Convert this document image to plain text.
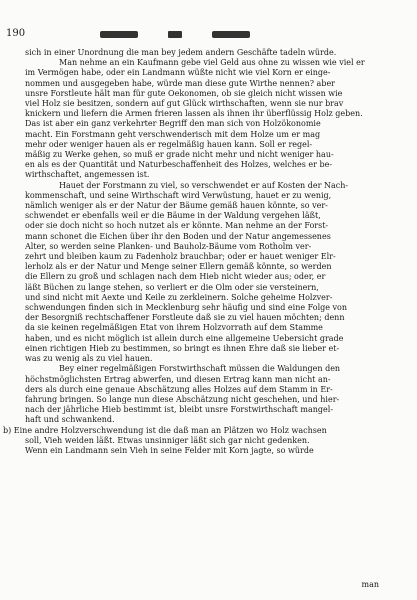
190
sich in einer Unordnung die man bey jedem andern Geschäfte tadeln würde.
Man nehme an ein Kaufmann gebe viel Geld aus ohne zu wissen wie viel er
im Vermögen habe, oder ein Landmann wüßte nicht wie viel Korn er einge-
nommen und ausgegeben habe, würde man diese gute Wirthe nennen? aber
unsre Forstleute hält man für gute Oekonomen, ob sie gleich nicht wissen wie
viel Holz sie besitzen, sondern auf gut Glück wirthschaften, wenn sie nur brav
knickern und liefern die Armen frieren lassen als ihnen ihr überflüssig Holz geben.
Das ist aber ein ganz verkehrter Begriff den man sich von Holzökonomie
macht. Ein Forstmann geht verschwenderisch mit dem Holze um er mag
mehr oder weniger hauen als er regelmäßig hauen kann. Soll er regel-
mäßig zu Werke gehen, so muß er grade nicht mehr und nicht weniger hau-
en als es der Quantität und Naturbeschaffenheit des Holzes, welches er be-
wirthschaftet, angemessen ist.
Hauet der Forstmann zu viel, so verschwendet er auf Kosten der Nach-
kommenschaft, und seine Wirthschaft wird Verwüstung, hauet er zu wenig,
nämlich weniger als er der Natur der Bäume gemäß hauen könnte, so ver-
schwendet er ebenfalls weil er die Bäume in der Waldung vergehen läßt,
oder sie doch nicht so hoch nutzet als er könnte. Man nehme an der Forst-
mann schonet die Eichen über ihr den Boden und der Natur angemessenes
Alter, so werden seine Planken- und Bauholz-Bäume vom Rotholm ver-
zehrt und bleiben kaum zu Fadenholz brauchbar; oder er hauet weniger Elr-
lerholz als er der Natur und Menge seiner Ellern gemäß könnte, so werden
die Ellern zu groß und schlagen nach dem Hieb nicht wieder aus; oder, er
läßt Büchen zu lange stehen, so verliert er die Olm oder sie versteinern,
und sind nicht mit Aexte und Keile zu zerkleinern. Solche geheime Holzver-
schwendungen finden sich in Mecklenburg sehr häufig und sind eine Folge von
der Besorgniß rechtschaffener Forstleute daß sie zu viel hauen möchten; denn
da sie keinen regelmäßigen Etat von ihrem Holzvorrath auf dem Stamme
haben, und es nicht möglich ist allein durch eine allgemeine Uebersicht grade
einen richtigen Hieb zu bestimmen, so bringt es ihnen Ehre daß sie lieber et-
was zu wenig als zu viel hauen.
Bey einer regelmäßigen Forstwirthschaft müssen die Waldungen den
höchstmöglichsten Ertrag abwerfen, und diesen Ertrag kann man nicht an-
ders als durch eine genaue Abschätzung alles Holzes auf dem Stamm in Er-
fahrung bringen. So lange nun diese Abschätzung nicht geschehen, und hier-
nach der jährliche Hieb bestimmt ist, bleibt unsre Forstwirthschaft mangel-
haft und schwankend.
b) Eine andre Holzverschwendung ist die daß man an Plätzen wo Holz wachsen
soll, Vieh weiden läßt. Etwas unsinniger läßt sich gar nicht gedenken.
Wenn ein Landmann sein Vieh in seine Felder mit Korn jagte, so würde
man
